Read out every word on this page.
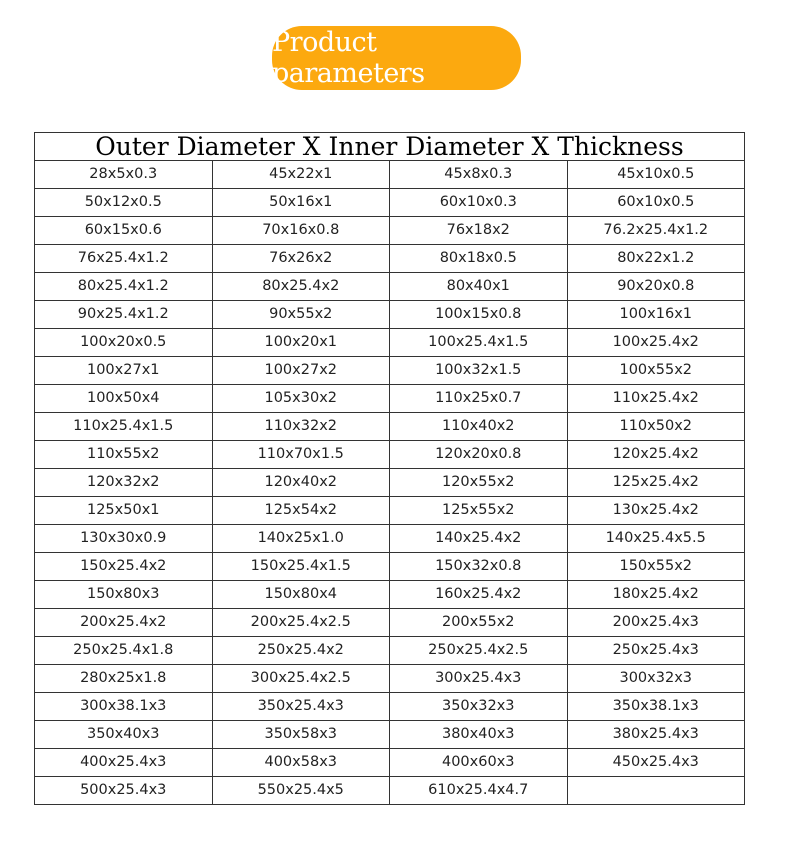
Product parameters
Outer Diameter X Inner Diameter X Thickness			
28x5x0.3	45x22x1	45x8x0.3	45x10x0.5
50x12x0.5	50x16x1	60x10x0.3	60x10x0.5
60x15x0.6	70x16x0.8	76x18x2	76.2x25.4x1.2
76x25.4x1.2	76x26x2	80x18x0.5	80x22x1.2
80x25.4x1.2	80x25.4x2	80x40x1	90x20x0.8
90x25.4x1.2	90x55x2	100x15x0.8	100x16x1
100x20x0.5	100x20x1	100x25.4x1.5	100x25.4x2
100x27x1	100x27x2	100x32x1.5	100x55x2
100x50x4	105x30x2	110x25x0.7	110x25.4x2
110x25.4x1.5	110x32x2	110x40x2	110x50x2
110x55x2	110x70x1.5	120x20x0.8	120x25.4x2
120x32x2	120x40x2	120x55x2	125x25.4x2
125x50x1	125x54x2	125x55x2	130x25.4x2
130x30x0.9	140x25x1.0	140x25.4x2	140x25.4x5.5
150x25.4x2	150x25.4x1.5	150x32x0.8	150x55x2
150x80x3	150x80x4	160x25.4x2	180x25.4x2
200x25.4x2	200x25.4x2.5	200x55x2	200x25.4x3
250x25.4x1.8	250x25.4x2	250x25.4x2.5	250x25.4x3
280x25x1.8	300x25.4x2.5	300x25.4x3	300x32x3
300x38.1x3	350x25.4x3	350x32x3	350x38.1x3
350x40x3	350x58x3	380x40x3	380x25.4x3
400x25.4x3	400x58x3	400x60x3	450x25.4x3
500x25.4x3	550x25.4x5	610x25.4x4.7	
